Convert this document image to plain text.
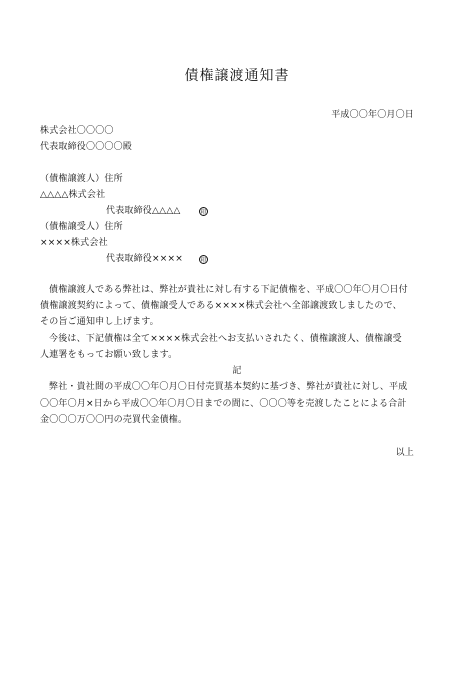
債権譲渡通知書
平成〇〇年〇月〇日
株式会社〇〇〇〇
代表取締役〇〇〇〇殿
（債権譲渡人）住所
△△△△株式会社
代表取締役△△△△	印
（債権譲受人）住所
××××株式会社
代表取締役××××	印
債権譲渡人である弊社は、弊社が貴社に対し有する下記債権を、平成〇〇年〇月〇日付
債権譲渡契約によって、債権譲受人である××××株式会社へ全部譲渡致しましたので、
その旨ご通知申し上げます。
今後は、下記債権は全て××××株式会社へお支払いされたく、債権譲渡人、債権譲受
人連署をもってお願い致します。
記
弊社・貴社間の平成〇〇年〇月〇日付売買基本契約に基づき、弊社が貴社に対し、平成
〇〇年〇月×日から平成〇〇年〇月〇日までの間に、〇〇〇等を売渡したことによる合計
金〇〇〇万〇〇円の売買代金債権。
以上
